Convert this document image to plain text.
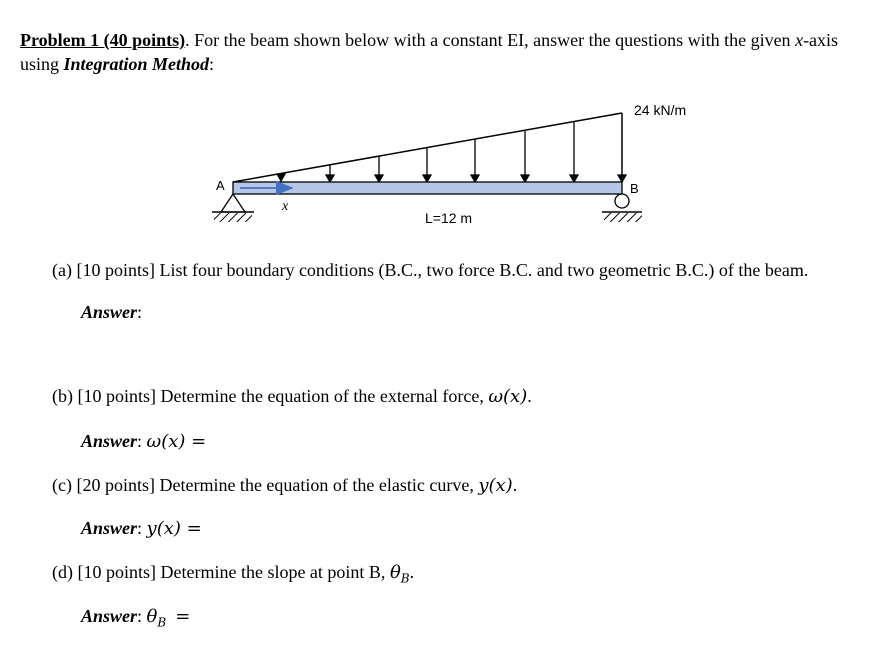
Problem 1 (40 points). For the beam shown below with a constant EI, answer the questions with the given x-axis
using Integration Method:
24 kN/m
A	B
x
L=12 m
(a) [10 points] List four boundary conditions (B.C., two force B.C. and two geometric B.C.) of the beam.
Answer:
(b) [10 points] Determine the equation of the external force, ω(x).
Answer: ω(x) =
(c) [20 points] Determine the equation of the elastic curve, y(x).
Answer: y(x) =
(d) [10 points] Determine the slope at point B, $\theta_B$.
Answer: $\theta_B$ =
